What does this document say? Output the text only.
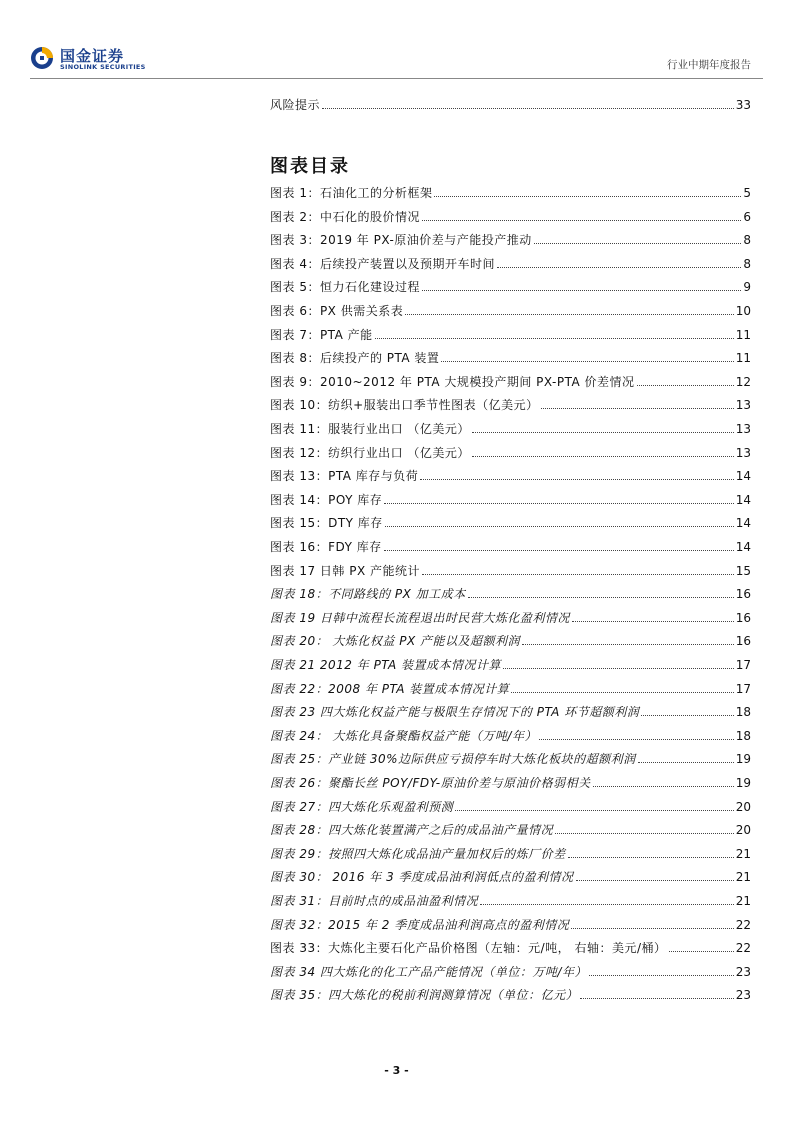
国金证券
SINOLINK SECURITIES	行业中期年度报告
风险提示	33
图表目录
图表 1：石油化工的分析框架	5
图表 2：中石化的股价情况	6
图表 3：2019 年 PX-原油价差与产能投产推动	8
图表 4：后续投产装置以及预期开车时间	8
图表 5：恒力石化建设过程	9
图表 6：PX 供需关系表	10
图表 7：PTA 产能	11
图表 8：后续投产的 PTA 装置	11
图表 9：2010~2012 年 PTA 大规模投产期间 PX-PTA 价差情况	12
图表 10：纺织+服装出口季节性图表（亿美元）	13
图表 11：服装行业出口 （亿美元）	13
图表 12：纺织行业出口 （亿美元）	13
图表 13：PTA 库存与负荷	14
图表 14：POY 库存	14
图表 15：DTY 库存	14
图表 16：FDY 库存	14
图表 17 日韩 PX 产能统计	15
图表 18：不同路线的 PX 加工成本	16
图表 19 日韩中流程长流程退出时民营大炼化盈利情况	16
图表 20： 大炼化权益 PX 产能以及超额利润	16
图表 21 2012 年 PTA 装置成本情况计算	17
图表 22：2008 年 PTA 装置成本情况计算	17
图表 23 四大炼化权益产能与极限生存情况下的 PTA 环节超额利润	18
图表 24： 大炼化具备聚酯权益产能（万吨/年）	18
图表 25：产业链 30%边际供应亏损停车时大炼化板块的超额利润	19
图表 26：聚酯长丝 POY/FDY-原油价差与原油价格弱相关	19
图表 27：四大炼化乐观盈利预测	20
图表 28：四大炼化装置满产之后的成品油产量情况	20
图表 29：按照四大炼化成品油产量加权后的炼厂价差	21
图表 30： 2016 年 3 季度成品油利润低点的盈利情况	21
图表 31：目前时点的成品油盈利情况	21
图表 32：2015 年 2 季度成品油利润高点的盈利情况	22
图表 33：大炼化主要石化产品价格图（左轴：元/吨， 右轴：美元/桶）	22
图表 34 四大炼化的化工产品产能情况（单位：万吨/年）	23
图表 35：四大炼化的税前利润测算情况（单位：亿元）	23
- 3 -
